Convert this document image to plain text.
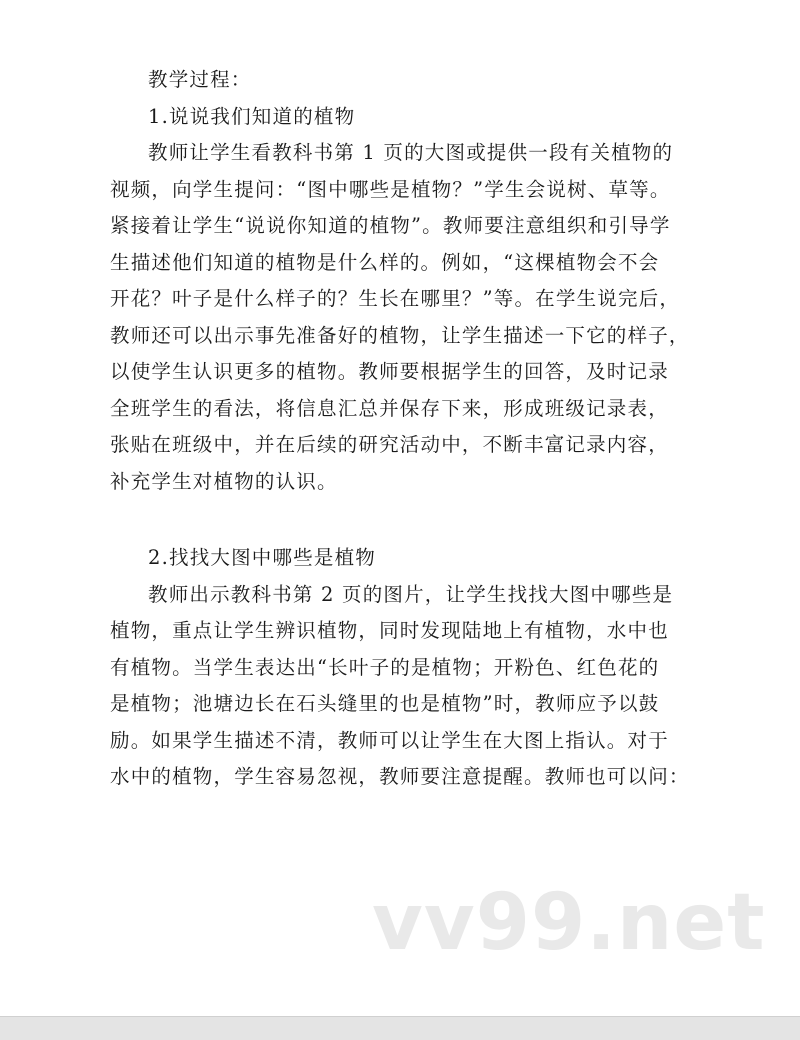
教学过程：
1.说说我们知道的植物
教师让学生看教科书第 1 页的大图或提供一段有关植物的
视频，向学生提问：“图中哪些是植物？”学生会说树、草等。
紧接着让学生“说说你知道的植物”。教师要注意组织和引导学
生描述他们知道的植物是什么样的。例如，“这棵植物会不会
开花？叶子是什么样子的？生长在哪里？”等。在学生说完后，
教师还可以出示事先准备好的植物，让学生描述一下它的样子，
以使学生认识更多的植物。教师要根据学生的回答，及时记录
全班学生的看法，将信息汇总并保存下来，形成班级记录表，
张贴在班级中，并在后续的研究活动中，不断丰富记录内容，
补充学生对植物的认识。
2.找找大图中哪些是植物
教师出示教科书第 2 页的图片，让学生找找大图中哪些是
植物，重点让学生辨识植物，同时发现陆地上有植物，水中也
有植物。当学生表达出“长叶子的是植物；开粉色、红色花的
是植物；池塘边长在石头缝里的也是植物”时，教师应予以鼓
励。如果学生描述不清，教师可以让学生在大图上指认。对于
水中的植物，学生容易忽视，教师要注意提醒。教师也可以问：
vv99.net
